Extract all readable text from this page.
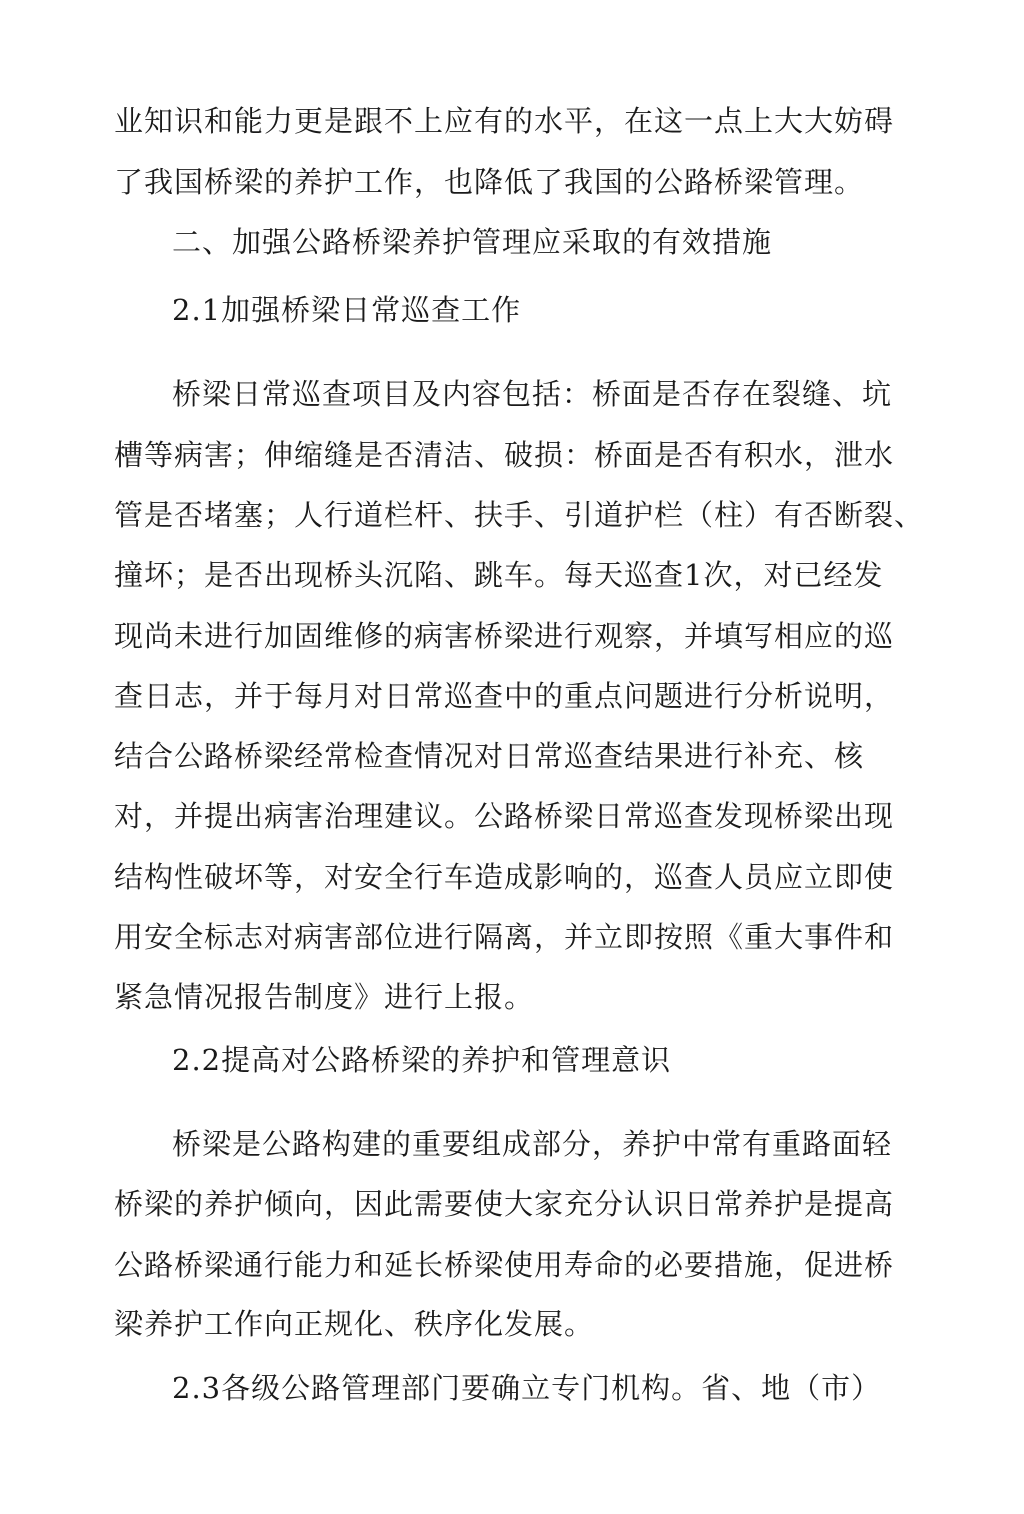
业知识和能力更是跟不上应有的水平，在这一点上大大妨碍
了我国桥梁的养护工作，也降低了我国的公路桥梁管理。
二、加强公路桥梁养护管理应采取的有效措施
2.1加强桥梁日常巡查工作
桥梁日常巡查项目及内容包括：桥面是否存在裂缝、坑
槽等病害；伸缩缝是否清洁、破损：桥面是否有积水，泄水
管是否堵塞；人行道栏杆、扶手、引道护栏（柱）有否断裂、
撞坏；是否出现桥头沉陷、跳车。每天巡查1次，对已经发
现尚未进行加固维修的病害桥梁进行观察，并填写相应的巡
查日志，并于每月对日常巡查中的重点问题进行分析说明，
结合公路桥梁经常检查情况对日常巡查结果进行补充、核
对，并提出病害治理建议。公路桥梁日常巡查发现桥梁出现
结构性破坏等，对安全行车造成影响的，巡查人员应立即使
用安全标志对病害部位进行隔离，并立即按照《重大事件和
紧急情况报告制度》进行上报。
2.2提高对公路桥梁的养护和管理意识
桥梁是公路构建的重要组成部分，养护中常有重路面轻
桥梁的养护倾向，因此需要使大家充分认识日常养护是提高
公路桥梁通行能力和延长桥梁使用寿命的必要措施，促进桥
梁养护工作向正规化、秩序化发展。
2.3各级公路管理部门要确立专门机构。省、地（市）
